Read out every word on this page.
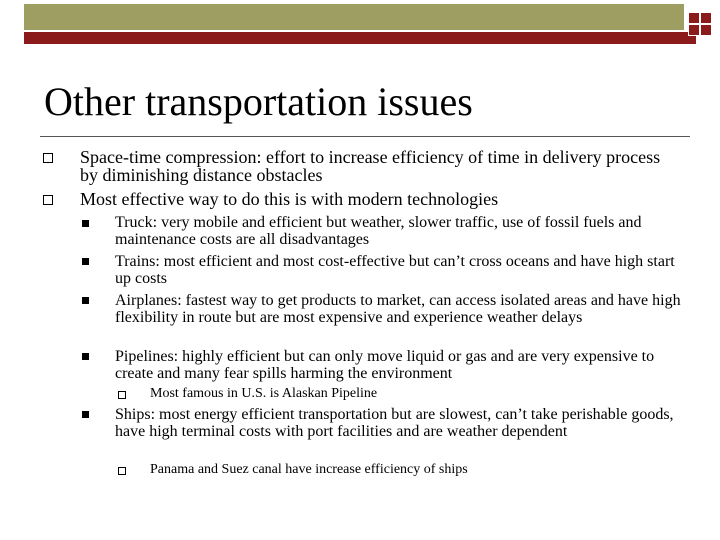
Other transportation issues

Space-time compression: effort to increase efficiency of time in delivery process by diminishing distance obstacles

Most effective way to do this is with modern technologies

Truck: very mobile and efficient but weather, slower traffic, use of fossil fuels and maintenance costs are all disadvantages

Trains: most efficient and most cost-effective but can’t cross oceans and have high start up costs

Airplanes: fastest way to get products to market, can access isolated areas and have high flexibility in route but are most expensive and experience weather delays

Pipelines: highly efficient but can only move liquid or gas and are very expensive to create and many fear spills harming the environment

Most famous in U.S. is Alaskan Pipeline

Ships: most energy efficient transportation but are slowest, can’t take perishable goods, have high terminal costs with port facilities and are weather dependent

Panama and Suez canal have increase efficiency of ships
